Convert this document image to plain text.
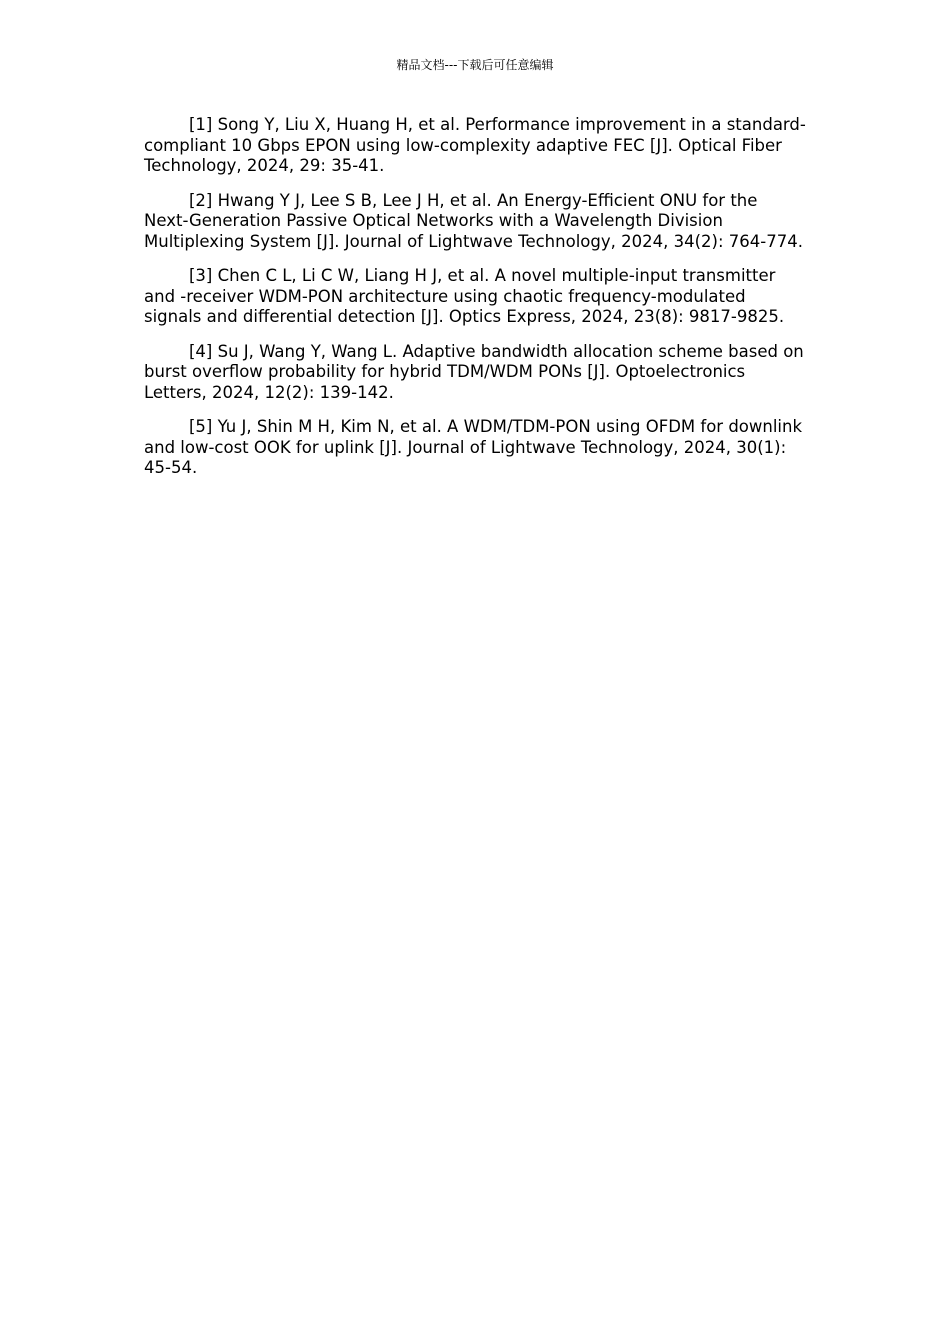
精品文档---下载后可任意编辑

[1] Song Y, Liu X, Huang H, et al. Performance improvement in a standard-compliant 10 Gbps EPON using low-complexity adaptive FEC [J]. Optical Fiber Technology, 2024, 29: 35-41.

[2] Hwang Y J, Lee S B, Lee J H, et al. An Energy-Efficient ONU for the Next-Generation Passive Optical Networks with a Wavelength Division Multiplexing System [J]. Journal of Lightwave Technology, 2024, 34(2): 764-774.

[3] Chen C L, Li C W, Liang H J, et al. A novel multiple-input transmitter and -receiver WDM-PON architecture using chaotic frequency-modulated signals and differential detection [J]. Optics Express, 2024, 23(8): 9817-9825.

[4] Su J, Wang Y, Wang L. Adaptive bandwidth allocation scheme based on burst overflow probability for hybrid TDM/WDM PONs [J]. Optoelectronics Letters, 2024, 12(2): 139-142.

[5] Yu J, Shin M H, Kim N, et al. A WDM/TDM-PON using OFDM for downlink and low-cost OOK for uplink [J]. Journal of Lightwave Technology, 2024, 30(1): 45-54.
